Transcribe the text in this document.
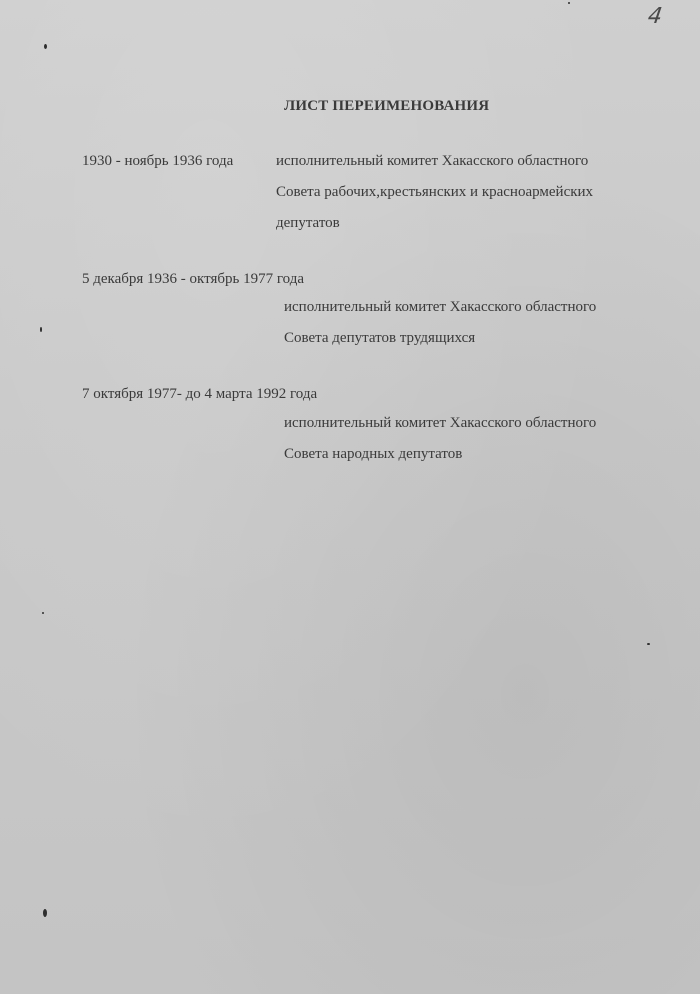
4
ЛИСТ ПЕРЕИМЕНОВАНИЯ
1930 - ноябрь 1936 года	исполнительный комитет Хакасского областного
Совета рабочих,крестьянских и красноармейских
депутатов
5 декабря 1936 - октябрь 1977 года
исполнительный комитет Хакасского областного
Совета депутатов трудящихся
7 октября 1977- до 4 марта 1992 года
исполнительный комитет Хакасского областного
Совета народных депутатов
